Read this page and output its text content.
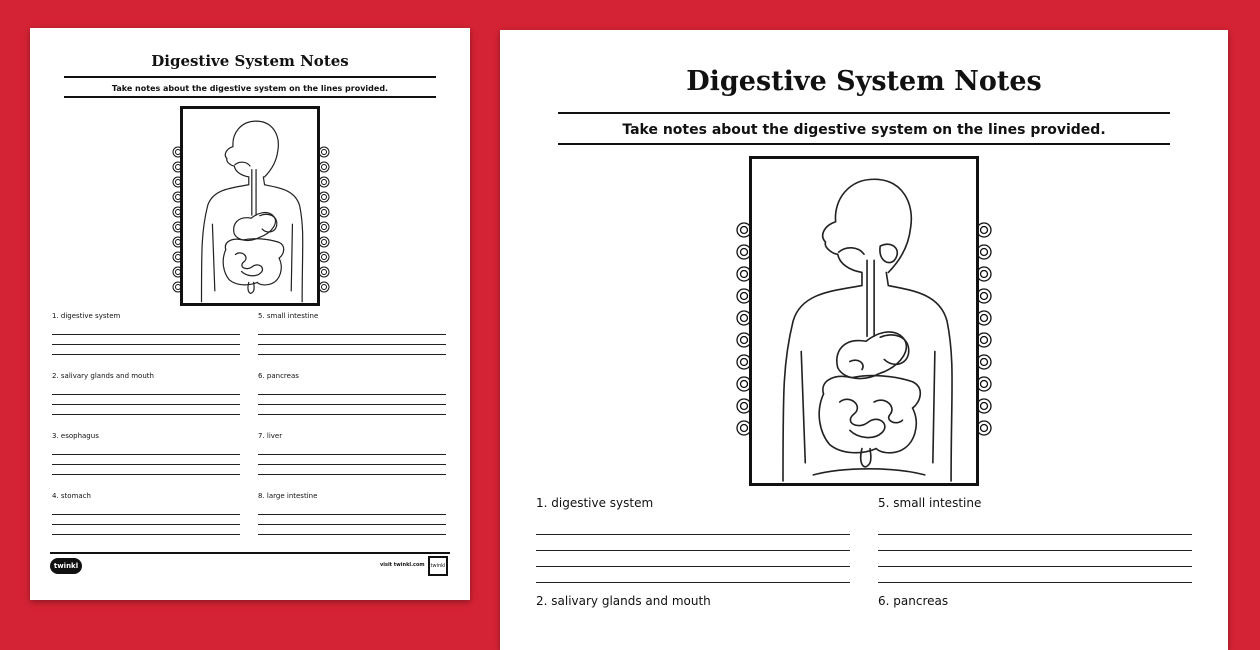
Digestive System Notes
Take notes about the digestive system on the lines provided.
1. digestive system
2. salivary glands and mouth
3. esophagus
4. stomach
5. small intestine
6. pancreas
7. liver
8. large intestine
twinkl	visit twinkl.com	twinkl
Digestive System Notes
Take notes about the digestive system on the lines provided.
1. digestive system	5. small intestine
2. salivary glands and mouth	6. pancreas
